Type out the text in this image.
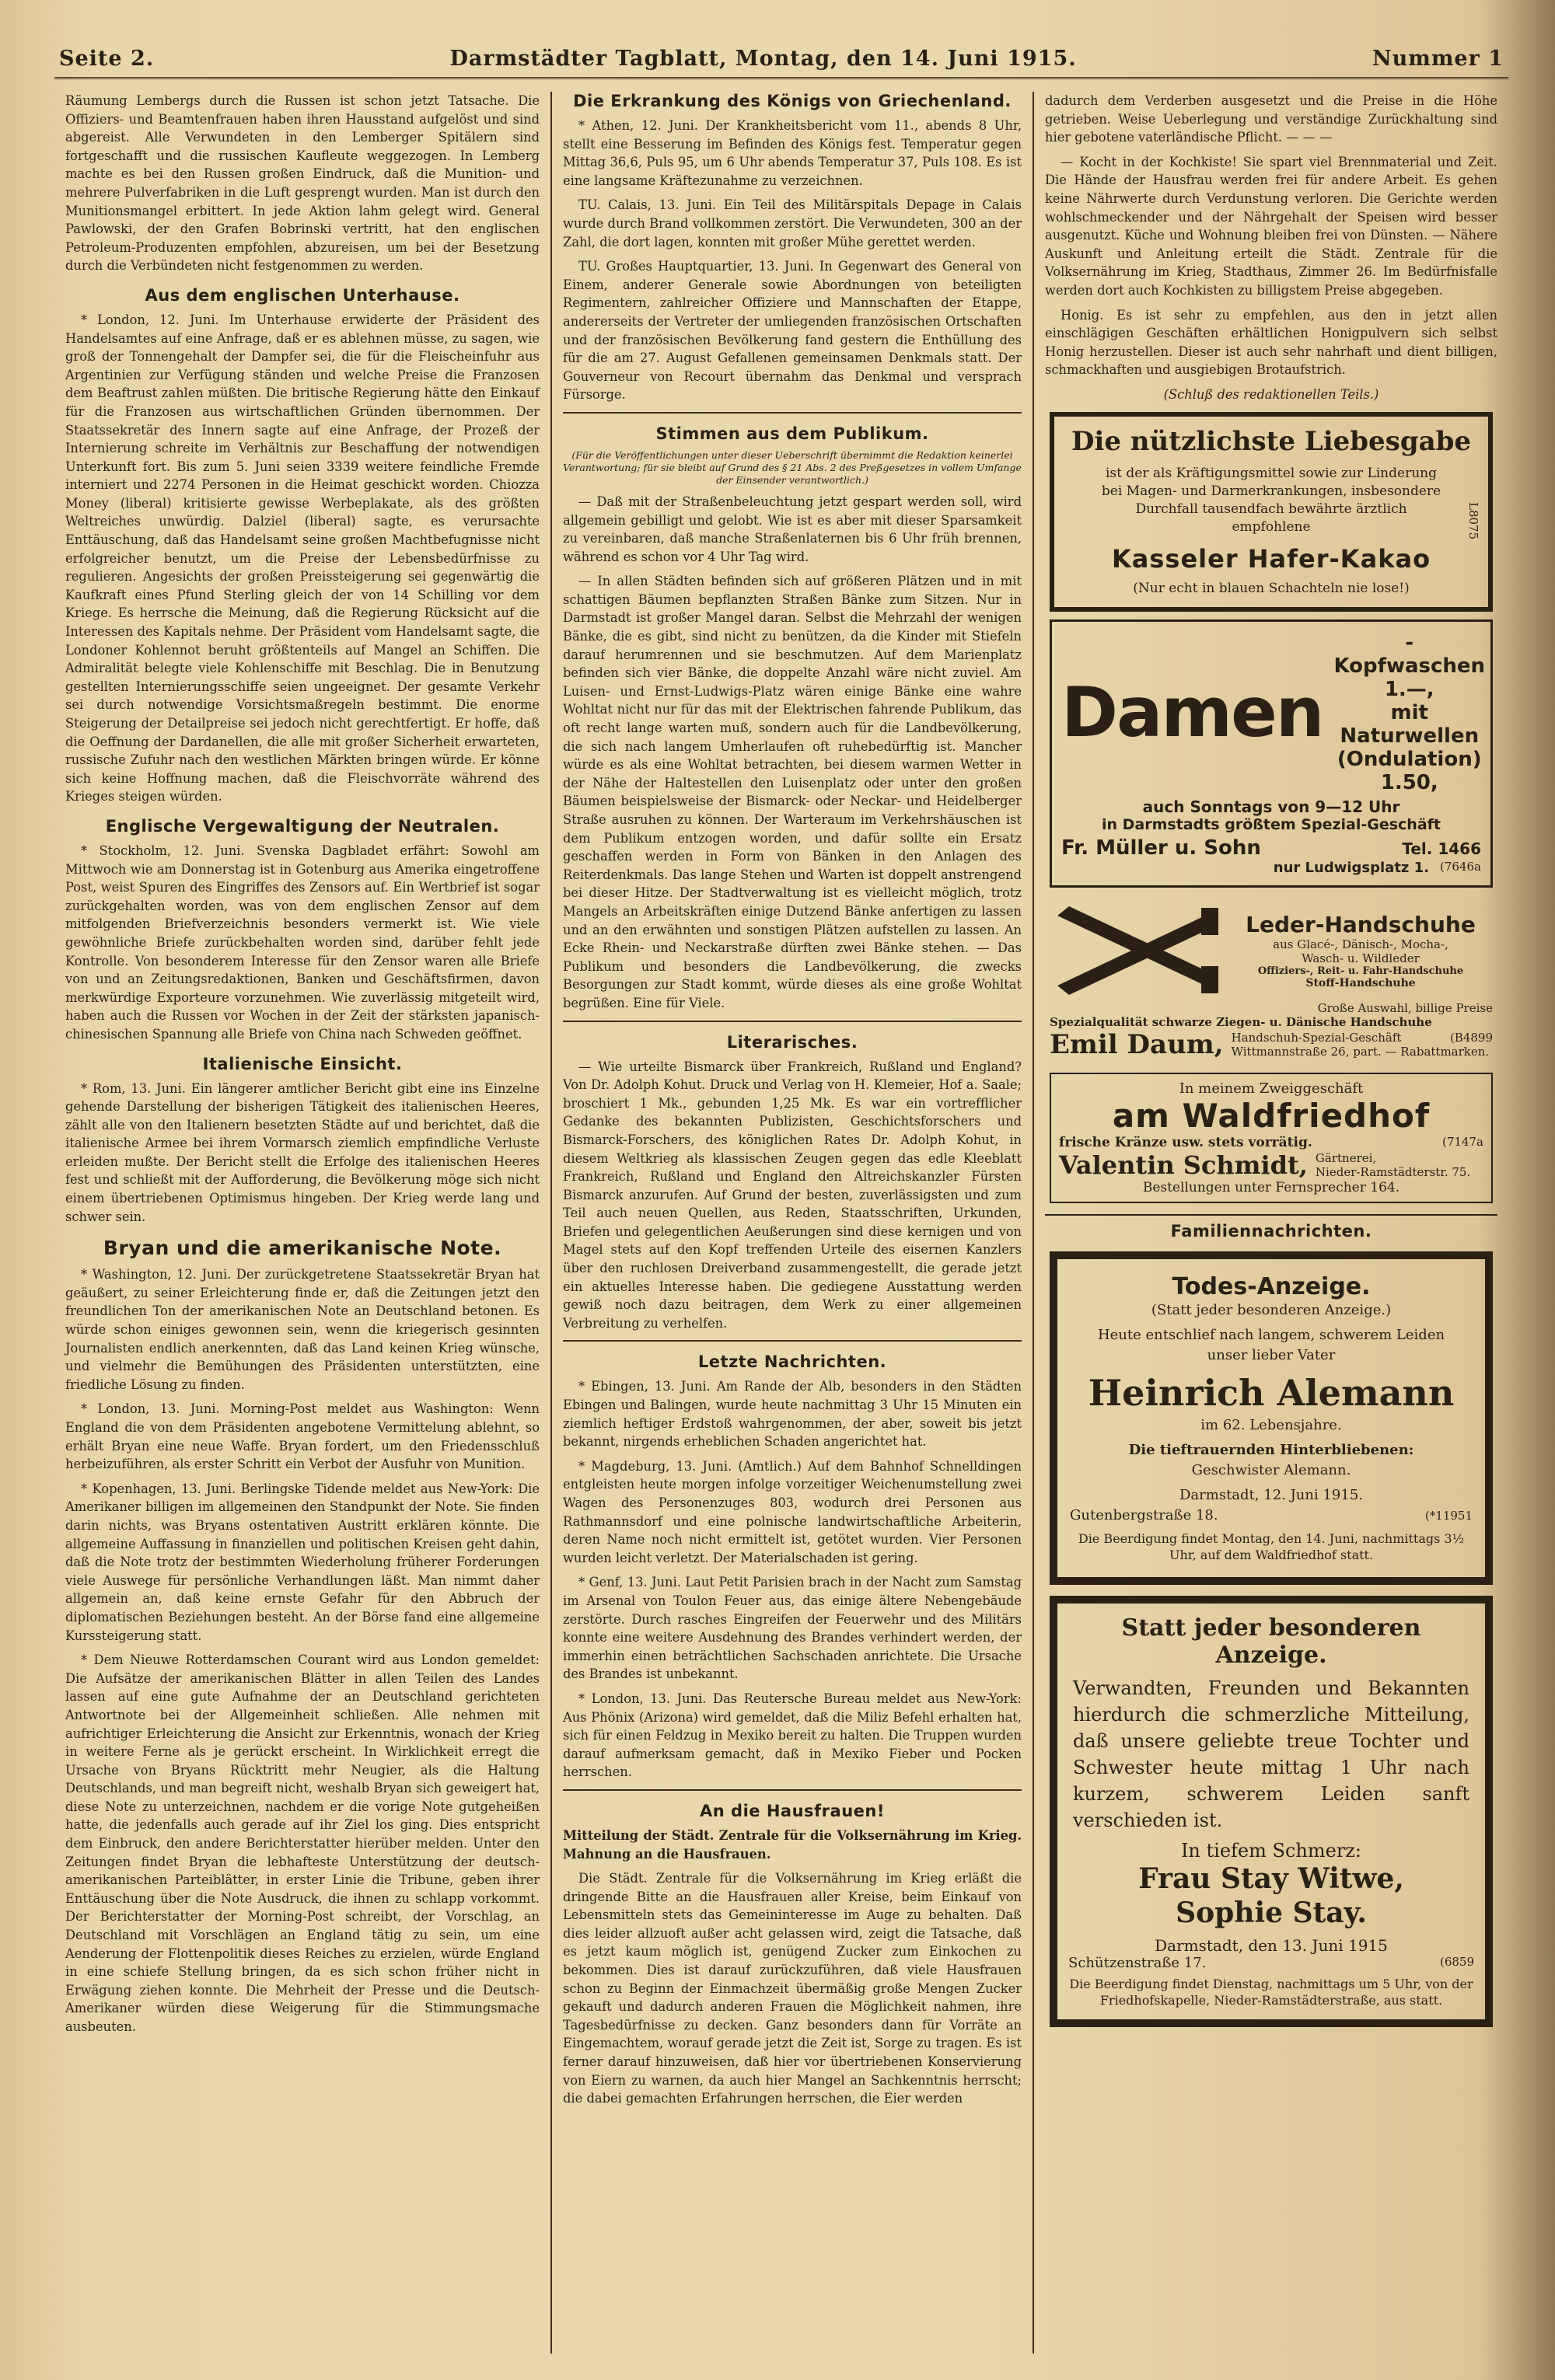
Seite 2.	Darmstädter Tagblatt, Montag, den 14. Juni 1915.	Nummer 1

Räumung Lembergs durch die Russen ist schon jetzt Tatsache. Die Offiziers- und Beamtenfrauen haben ihren Hausstand aufgelöst und sind abgereist. Alle Verwundeten in den Lemberger Spitälern sind fortgeschafft und die russischen Kaufleute weggezogen. In Lemberg machte es bei den Russen großen Eindruck, daß die Munition- und mehrere Pulverfabriken in die Luft gesprengt wurden. Man ist durch den Munitionsmangel erbittert. In jede Aktion lahm gelegt wird. General Pawlowski, der den Grafen Bobrinski vertritt, hat den englischen Petroleum-Produzenten empfohlen, abzureisen, um bei der Besetzung durch die Verbündeten nicht festgenommen zu werden.

Aus dem englischen Unterhause.

* London, 12. Juni. Im Unterhause erwiderte der Präsident des Handelsamtes auf eine Anfrage, daß er es ablehnen müsse, zu sagen, wie groß der Tonnengehalt der Dampfer sei, die für die Fleischeinfuhr aus Argentinien zur Verfügung ständen und welche Preise die Franzosen dem Beaftrust zahlen müßten. Die britische Regierung hätte den Einkauf für die Franzosen aus wirtschaftlichen Gründen übernommen. Der Staatssekretär des Innern sagte auf eine Anfrage, der Prozeß der Internierung schreite im Verhältnis zur Beschaffung der notwendigen Unterkunft fort. Bis zum 5. Juni seien 3339 weitere feindliche Fremde interniert und 2274 Personen in die Heimat geschickt worden. Chiozza Money (liberal) kritisierte gewisse Werbeplakate, als des größten Weltreiches unwürdig. Dalziel (liberal) sagte, es verursachte Enttäuschung, daß das Handelsamt seine großen Machtbefugnisse nicht erfolgreicher benutzt, um die Preise der Lebensbedürfnisse zu regulieren. Angesichts der großen Preissteigerung sei gegenwärtig die Kaufkraft eines Pfund Sterling gleich der von 14 Schilling vor dem Kriege. Es herrsche die Meinung, daß die Regierung Rücksicht auf die Interessen des Kapitals nehme. Der Präsident vom Handelsamt sagte, die Londoner Kohlennot beruht größtenteils auf Mangel an Schiffen. Die Admiralität belegte viele Kohlenschiffe mit Beschlag. Die in Benutzung gestellten Internierungsschiffe seien ungeeignet. Der gesamte Verkehr sei durch notwendige Vorsichtsmaßregeln bestimmt. Die enorme Steigerung der Detailpreise sei jedoch nicht gerechtfertigt. Er hoffe, daß die Oeffnung der Dardanellen, die alle mit großer Sicherheit erwarteten, russische Zufuhr nach den westlichen Märkten bringen würde. Er könne sich keine Hoffnung machen, daß die Fleischvorräte während des Krieges steigen würden.

Englische Vergewaltigung der Neutralen.

* Stockholm, 12. Juni. Svenska Dagbladet erfährt: Sowohl am Mittwoch wie am Donnerstag ist in Gotenburg aus Amerika eingetroffene Post, weist Spuren des Eingriffes des Zensors auf. Ein Wertbrief ist sogar zurückgehalten worden, was von dem englischen Zensor auf dem mitfolgenden Briefverzeichnis besonders vermerkt ist. Wie viele gewöhnliche Briefe zurückbehalten worden sind, darüber fehlt jede Kontrolle. Von besonderem Interesse für den Zensor waren alle Briefe von und an Zeitungsredaktionen, Banken und Geschäftsfirmen, davon merkwürdige Exporteure vorzunehmen. Wie zuverlässig mitgeteilt wird, haben auch die Russen vor Wochen in der Zeit der stärksten japanisch-chinesischen Spannung alle Briefe von China nach Schweden geöffnet.

Italienische Einsicht.

* Rom, 13. Juni. Ein längerer amtlicher Bericht gibt eine ins Einzelne gehende Darstellung der bisherigen Tätigkeit des italienischen Heeres, zählt alle von den Italienern besetzten Städte auf und berichtet, daß die italienische Armee bei ihrem Vormarsch ziemlich empfindliche Verluste erleiden mußte. Der Bericht stellt die Erfolge des italienischen Heeres fest und schließt mit der Aufforderung, die Bevölkerung möge sich nicht einem übertriebenen Optimismus hingeben. Der Krieg werde lang und schwer sein.

Bryan und die amerikanische Note.

* Washington, 12. Juni. Der zurückgetretene Staatssekretär Bryan hat geäußert, zu seiner Erleichterung finde er, daß die Zeitungen jetzt den freundlichen Ton der amerikanischen Note an Deutschland betonen. Es würde schon einiges gewonnen sein, wenn die kriegerisch gesinnten Journalisten endlich anerkennten, daß das Land keinen Krieg wünsche, und vielmehr die Bemühungen des Präsidenten unterstützten, eine friedliche Lösung zu finden.

* London, 13. Juni. Morning-Post meldet aus Washington: Wenn England die von dem Präsidenten angebotene Vermittelung ablehnt, so erhält Bryan eine neue Waffe. Bryan fordert, um den Friedensschluß herbeizuführen, als erster Schritt ein Verbot der Ausfuhr von Munition.

* Kopenhagen, 13. Juni. Berlingske Tidende meldet aus New-York: Die Amerikaner billigen im allgemeinen den Standpunkt der Note. Sie finden darin nichts, was Bryans ostentativen Austritt erklären könnte. Die allgemeine Auffassung in finanziellen und politischen Kreisen geht dahin, daß die Note trotz der bestimmten Wiederholung früherer Forderungen viele Auswege für persönliche Verhandlungen läßt. Man nimmt daher allgemein an, daß keine ernste Gefahr für den Abbruch der diplomatischen Beziehungen besteht. An der Börse fand eine allgemeine Kurssteigerung statt.

* Dem Nieuwe Rotterdamschen Courant wird aus London gemeldet: Die Aufsätze der amerikanischen Blätter in allen Teilen des Landes lassen auf eine gute Aufnahme der an Deutschland gerichteten Antwortnote bei der Allgemeinheit schließen. Alle nehmen mit aufrichtiger Erleichterung die Ansicht zur Erkenntnis, wonach der Krieg in weitere Ferne als je gerückt erscheint. In Wirklichkeit erregt die Ursache von Bryans Rücktritt mehr Neugier, als die Haltung Deutschlands, und man begreift nicht, weshalb Bryan sich geweigert hat, diese Note zu unterzeichnen, nachdem er die vorige Note gutgeheißen hatte, die jedenfalls auch gerade auf ihr Ziel los ging. Dies entspricht dem Einbruck, den andere Berichterstatter hierüber melden. Unter den Zeitungen findet Bryan die lebhafteste Unterstützung der deutsch-amerikanischen Parteiblätter, in erster Linie die Tribune, geben ihrer Enttäuschung über die Note Ausdruck, die ihnen zu schlapp vorkommt. Der Berichterstatter der Morning-Post schreibt, der Vorschlag, an Deutschland mit Vorschlägen an England tätig zu sein, um eine Aenderung der Flottenpolitik dieses Reiches zu erzielen, würde England in eine schiefe Stellung bringen, da es sich schon früher nicht in Erwägung ziehen konnte. Die Mehrheit der Presse und die Deutsch-Amerikaner würden diese Weigerung für die Stimmungsmache ausbeuten.

Die Erkrankung des Königs von Griechenland.

* Athen, 12. Juni. Der Krankheitsbericht vom 11., abends 8 Uhr, stellt eine Besserung im Befinden des Königs fest. Temperatur gegen Mittag 36,6, Puls 95, um 6 Uhr abends Temperatur 37, Puls 108. Es ist eine langsame Kräftezunahme zu verzeichnen.

TU. Calais, 13. Juni. Ein Teil des Militärspitals Depage in Calais wurde durch Brand vollkommen zerstört. Die Verwundeten, 300 an der Zahl, die dort lagen, konnten mit großer Mühe gerettet werden.

TU. Großes Hauptquartier, 13. Juni. In Gegenwart des General von Einem, anderer Generale sowie Abordnungen von beteiligten Regimentern, zahlreicher Offiziere und Mannschaften der Etappe, andererseits der Vertreter der umliegenden französischen Ortschaften und der französischen Bevölkerung fand gestern die Enthüllung des für die am 27. August Gefallenen gemeinsamen Denkmals statt. Der Gouverneur von Recourt übernahm das Denkmal und versprach Fürsorge.

Stimmen aus dem Publikum.

(Für die Veröffentlichungen unter dieser Ueberschrift übernimmt die Redaktion keinerlei Verantwortung; für sie bleibt auf Grund des § 21 Abs. 2 des Preßgesetzes in vollem Umfange der Einsender verantwortlich.)

— Daß mit der Straßenbeleuchtung jetzt gespart werden soll, wird allgemein gebilligt und gelobt. Wie ist es aber mit dieser Sparsamkeit zu vereinbaren, daß manche Straßenlaternen bis 6 Uhr früh brennen, während es schon vor 4 Uhr Tag wird.

— In allen Städten befinden sich auf größeren Plätzen und in mit schattigen Bäumen bepflanzten Straßen Bänke zum Sitzen. Nur in Darmstadt ist großer Mangel daran. Selbst die Mehrzahl der wenigen Bänke, die es gibt, sind nicht zu benützen, da die Kinder mit Stiefeln darauf herumrennen und sie beschmutzen. Auf dem Marienplatz befinden sich vier Bänke, die doppelte Anzahl wäre nicht zuviel. Am Luisen- und Ernst-Ludwigs-Platz wären einige Bänke eine wahre Wohltat nicht nur für das mit der Elektrischen fahrende Publikum, das oft recht lange warten muß, sondern auch für die Landbevölkerung, die sich nach langem Umherlaufen oft ruhebedürftig ist. Mancher würde es als eine Wohltat betrachten, bei diesem warmen Wetter in der Nähe der Haltestellen den Luisenplatz oder unter den großen Bäumen beispielsweise der Bismarck- oder Neckar- und Heidelberger Straße ausruhen zu können. Der Warteraum im Verkehrshäuschen ist dem Publikum entzogen worden, und dafür sollte ein Ersatz geschaffen werden in Form von Bänken in den Anlagen des Reiterdenkmals. Das lange Stehen und Warten ist doppelt anstrengend bei dieser Hitze. Der Stadtverwaltung ist es vielleicht möglich, trotz Mangels an Arbeitskräften einige Dutzend Bänke anfertigen zu lassen und an den erwähnten und sonstigen Plätzen aufstellen zu lassen. An Ecke Rhein- und Neckarstraße dürften zwei Bänke stehen. — Das Publikum und besonders die Landbevölkerung, die zwecks Besorgungen zur Stadt kommt, würde dieses als eine große Wohltat begrüßen. Eine für Viele.

Literarisches.

— Wie urteilte Bismarck über Frankreich, Rußland und England? Von Dr. Adolph Kohut. Druck und Verlag von H. Klemeier, Hof a. Saale; broschiert 1 Mk., gebunden 1,25 Mk. Es war ein vortrefflicher Gedanke des bekannten Publizisten, Geschichtsforschers und Bismarck-Forschers, des königlichen Rates Dr. Adolph Kohut, in diesem Weltkrieg als klassischen Zeugen gegen das edle Kleeblatt Frankreich, Rußland und England den Altreichskanzler Fürsten Bismarck anzurufen. Auf Grund der besten, zuverlässigsten und zum Teil auch neuen Quellen, aus Reden, Staatsschriften, Urkunden, Briefen und gelegentlichen Aeußerungen sind diese kernigen und von Magel stets auf den Kopf treffenden Urteile des eisernen Kanzlers über den ruchlosen Dreiverband zusammengestellt, die gerade jetzt ein aktuelles Interesse haben. Die gediegene Ausstattung werden gewiß noch dazu beitragen, dem Werk zu einer allgemeinen Verbreitung zu verhelfen.

Letzte Nachrichten.

* Ebingen, 13. Juni. Am Rande der Alb, besonders in den Städten Ebingen und Balingen, wurde heute nachmittag 3 Uhr 15 Minuten ein ziemlich heftiger Erdstoß wahrgenommen, der aber, soweit bis jetzt bekannt, nirgends erheblichen Schaden angerichtet hat.

* Magdeburg, 13. Juni. (Amtlich.) Auf dem Bahnhof Schnelldingen entgleisten heute morgen infolge vorzeitiger Weichenumstellung zwei Wagen des Personenzuges 803, wodurch drei Personen aus Rathmannsdorf und eine polnische landwirtschaftliche Arbeiterin, deren Name noch nicht ermittelt ist, getötet wurden. Vier Personen wurden leicht verletzt. Der Materialschaden ist gering.

* Genf, 13. Juni. Laut Petit Parisien brach in der Nacht zum Samstag im Arsenal von Toulon Feuer aus, das einige ältere Nebengebäude zerstörte. Durch rasches Eingreifen der Feuerwehr und des Militärs konnte eine weitere Ausdehnung des Brandes verhindert werden, der immerhin einen beträchtlichen Sachschaden anrichtete. Die Ursache des Brandes ist unbekannt.

* London, 13. Juni. Das Reutersche Bureau meldet aus New-York: Aus Phönix (Arizona) wird gemeldet, daß die Miliz Befehl erhalten hat, sich für einen Feldzug in Mexiko bereit zu halten. Die Truppen wurden darauf aufmerksam gemacht, daß in Mexiko Fieber und Pocken herrschen.

An die Hausfrauen!

Mitteilung der Städt. Zentrale für die Volksernährung im Krieg. Mahnung an die Hausfrauen.

Die Städt. Zentrale für die Volksernährung im Krieg erläßt die dringende Bitte an die Hausfrauen aller Kreise, beim Einkauf von Lebensmitteln stets das Gemeininteresse im Auge zu behalten. Daß dies leider allzuoft außer acht gelassen wird, zeigt die Tatsache, daß es jetzt kaum möglich ist, genügend Zucker zum Einkochen zu bekommen. Dies ist darauf zurückzuführen, daß viele Hausfrauen schon zu Beginn der Einmachzeit übermäßig große Mengen Zucker gekauft und dadurch anderen Frauen die Möglichkeit nahmen, ihre Tagesbedürfnisse zu decken. Ganz besonders dann für Vorräte an Eingemachtem, worauf gerade jetzt die Zeit ist, Sorge zu tragen. Es ist ferner darauf hinzuweisen, daß hier vor übertriebenen Konservierung von Eiern zu warnen, da auch hier Mangel an Sachkenntnis herrscht; die dabei gemachten Erfahrungen herrschen, die Eier werden

dadurch dem Verderben ausgesetzt und die Preise in die Höhe getrieben. Weise Ueberlegung und verständige Zurückhaltung sind hier gebotene vaterländische Pflicht. — — —

— Kocht in der Kochkiste! Sie spart viel Brennmaterial und Zeit. Die Hände der Hausfrau werden frei für andere Arbeit. Es gehen keine Nährwerte durch Verdunstung verloren. Die Gerichte werden wohlschmeckender und der Nährgehalt der Speisen wird besser ausgenutzt. Küche und Wohnung bleiben frei von Dünsten. — Nähere Auskunft und Anleitung erteilt die Städt. Zentrale für die Volksernährung im Krieg, Stadthaus, Zimmer 26. Im Bedürfnisfalle werden dort auch Kochkisten zu billigstem Preise abgegeben.

Honig. Es ist sehr zu empfehlen, aus den in jetzt allen einschlägigen Geschäften erhältlichen Honigpulvern sich selbst Honig herzustellen. Dieser ist auch sehr nahrhaft und dient billigen, schmackhaften und ausgiebigen Brotaufstrich.

(Schluß des redaktionellen Teils.)

Die nützlichste Liebesgabe
ist der als Kräftigungsmittel sowie zur Linderung bei Magen- und Darmerkrankungen, insbesondere Durchfall tausendfach bewährte ärztlich empfohlene
Kasseler Hafer-Kakao
(Nur echt in blauen Schachteln nie lose!)
L8075
Damen
-Kopfwaschen 1.—,
mit Naturwellen
(Ondulation) 1.50,
auch Sonntags von 9—12 Uhr
in Darmstadts größtem Spezial-Geschäft
Fr. Müller u. Sohn	Tel. 1466
nur Ludwigsplatz 1. (7646a
Leder-Handschuhe
aus Glacé-, Dänisch-, Mocha-,
Wasch- u. Wildleder
Offiziers-, Reit- u. Fahr-Handschuhe
Stoff-Handschuhe
Große Auswahl, billige Preise
Spezialqualität schwarze Ziegen- u. Dänische Handschuhe
Emil Daum, Handschuh-Spezial-Geschäft	(B4899
Wittmannstraße 26, part. — Rabattmarken.
In meinem Zweiggeschäft
am Waldfriedhof
frische Kränze usw. stets vorrätig.	(7147a
Valentin Schmidt, Gärtnerei,
Nieder-Ramstädterstr. 75.
Bestellungen unter Fernsprecher 164.
Familiennachrichten.
Todes-Anzeige.
(Statt jeder besonderen Anzeige.)
Heute entschlief nach langem, schwerem Leiden unser lieber Vater
Heinrich Alemann
im 62. Lebensjahre.
Die tieftrauernden Hinterbliebenen:
Geschwister Alemann.
Darmstadt, 12. Juni 1915.
Gutenbergstraße 18.	(*11951
Die Beerdigung findet Montag, den 14. Juni, nachmittags 3½ Uhr, auf dem Waldfriedhof statt.
Statt jeder besonderen Anzeige.
Verwandten, Freunden und Bekannten hierdurch die schmerzliche Mitteilung, daß unsere geliebte treue Tochter und Schwester heute mittag 1 Uhr nach kurzem, schwerem Leiden sanft verschieden ist.
In tiefem Schmerz:
Frau Stay Witwe,
Sophie Stay.
Darmstadt, den 13. Juni 1915
Schützenstraße 17.	(6859
Die Beerdigung findet Dienstag, nachmittags um 5 Uhr, von der Friedhofskapelle, Nieder-Ramstädterstraße, aus statt.
